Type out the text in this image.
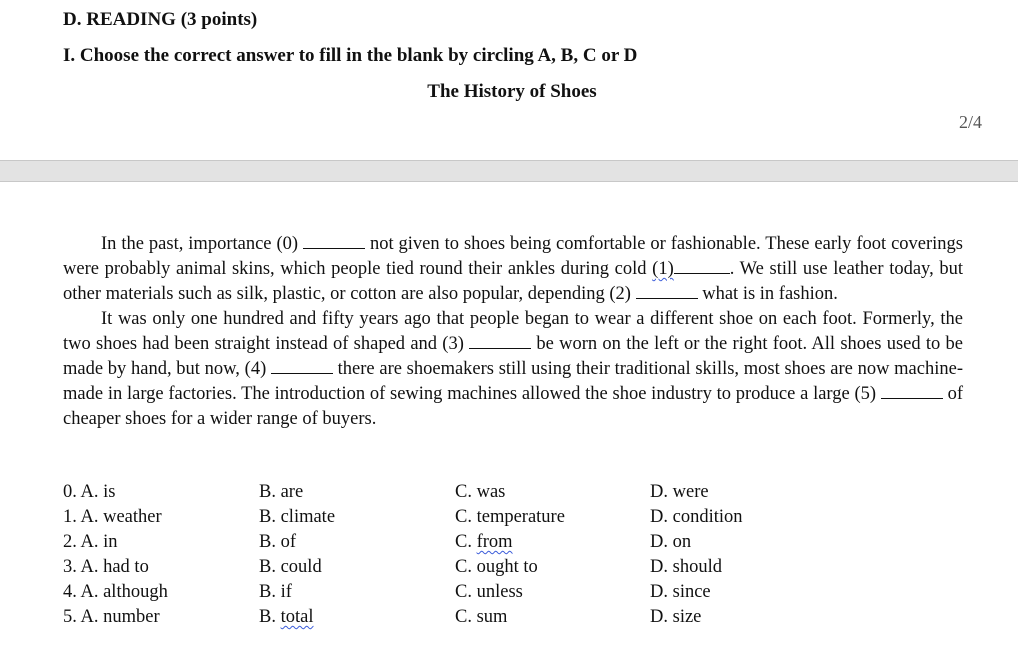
D. READING (3 points)
I. Choose the correct answer to fill in the blank by circling A, B, C or D
The History of Shoes
2/4

In the past, importance (0)	not given to shoes being comfortable or fashionable. These early foot coverings were probably animal skins, which people tied round their ankles during cold (1)	. We still use leather today, but other materials such as silk, plastic, or cotton are also popular, depending (2)	what is in fashion.

It was only one hundred and fifty years ago that people began to wear a different shoe on each foot. Formerly, the two shoes had been straight instead of shaped and (3)	be worn on the left or the right foot. All shoes used to be made by hand, but now, (4)	there are shoemakers still using their traditional skills, most shoes are now machine-made in large factories. The introduction of sewing machines allowed the shoe industry to produce a large (5)	of cheaper shoes for a wider range of buyers.

0. A. is	B. are	C. was	D. were
1. A. weather	B. climate	C. temperature	D. condition
2. A. in	B. of	C. from	D. on
3. A. had to	B. could	C. ought to	D. should
4. A. although	B. if	C. unless	D. since
5. A. number	B. total	C. sum	D. size
